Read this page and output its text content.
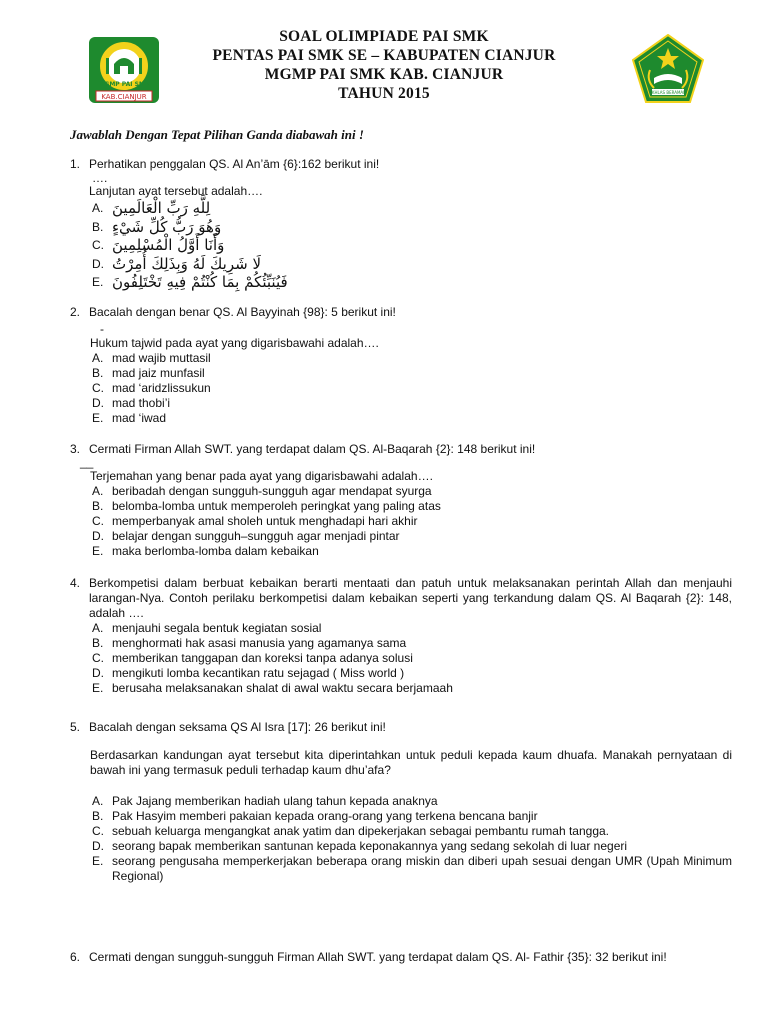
KAB.CIANJUR
MGMP PAI SMK
IKHLAS BERAMAL
SOAL OLIMPIADE PAI SMK
PENTAS PAI SMK SE – KABUPATEN CIANJUR
MGMP PAI SMK KAB. CIANJUR
TAHUN 2015
Jawablah Dengan Tepat Pilihan Ganda diabawah ini !
1. Perhatikan penggalan QS. Al An’ām {6}:162 berikut ini!
….
Lanjutan ayat tersebut adalah….
A. لِلَّهِ رَبِّ الْعَالَمِينَ
B. وَهُوَ رَبُّ كُلِّ شَيْءٍ
C. وَأَنَا أَوَّلُ الْمُسْلِمِينَ
D. لَا شَرِيكَ لَهُ وَبِذَلِكَ أُمِرْتُ
E. فَيُنَبِّئُكُمْ بِمَا كُنْتُمْ فِيهِ تَخْتَلِفُونَ
2. Bacalah dengan benar QS. Al Bayyinah {98}: 5 berikut ini!
-
Hukum tajwid pada ayat yang digarisbawahi adalah….
A. mad wajib muttasil
B. mad jaiz munfasil
C. mad ‘aridzlissukun
D. mad thobi’i
E. mad ‘iwad
3. Cermati Firman Allah SWT. yang terdapat dalam QS. Al-Baqarah {2}: 148 berikut ini!
__
Terjemahan yang benar pada ayat yang digarisbawahi adalah….
A. beribadah dengan sungguh-sungguh agar mendapat syurga
B. belomba-lomba untuk memperoleh peringkat yang paling atas
C. memperbanyak amal sholeh untuk menghadapi hari akhir
D. belajar dengan sungguh–sungguh agar menjadi pintar
E. maka berlomba-lomba dalam kebaikan
4. Berkompetisi dalam berbuat kebaikan berarti mentaati dan patuh untuk melaksanakan perintah Allah dan menjauhi larangan-Nya. Contoh perilaku berkompetisi dalam kebaikan seperti yang terkandung dalam QS. Al Baqarah {2}: 148, adalah ….
A. menjauhi segala bentuk kegiatan sosial
B. menghormati hak asasi manusia yang agamanya sama
C. memberikan tanggapan dan koreksi tanpa adanya solusi
D. mengikuti lomba kecantikan ratu sejagad ( Miss world )
E. berusaha melaksanakan shalat di awal waktu secara berjamaah
5. Bacalah dengan seksama QS Al Isra [17]: 26 berikut ini!
Berdasarkan kandungan ayat tersebut kita diperintahkan untuk peduli kepada kaum dhuafa. Manakah pernyataan di bawah ini yang termasuk peduli terhadap kaum dhu’afa?
A. Pak Jajang memberikan hadiah ulang tahun kepada anaknya
B. Pak Hasyim memberi pakaian kepada orang-orang yang terkena bencana banjir
C. sebuah keluarga mengangkat anak yatim dan dipekerjakan sebagai pembantu rumah tangga.
D. seorang bapak memberikan santunan kepada keponakannya yang sedang sekolah di luar negeri
E. seorang pengusaha memperkerjakan beberapa orang miskin dan diberi upah sesuai dengan UMR (Upah Minimum Regional)
6. Cermati dengan sungguh-sungguh Firman Allah SWT. yang terdapat dalam QS. Al- Fathir {35}: 32 berikut ini!
